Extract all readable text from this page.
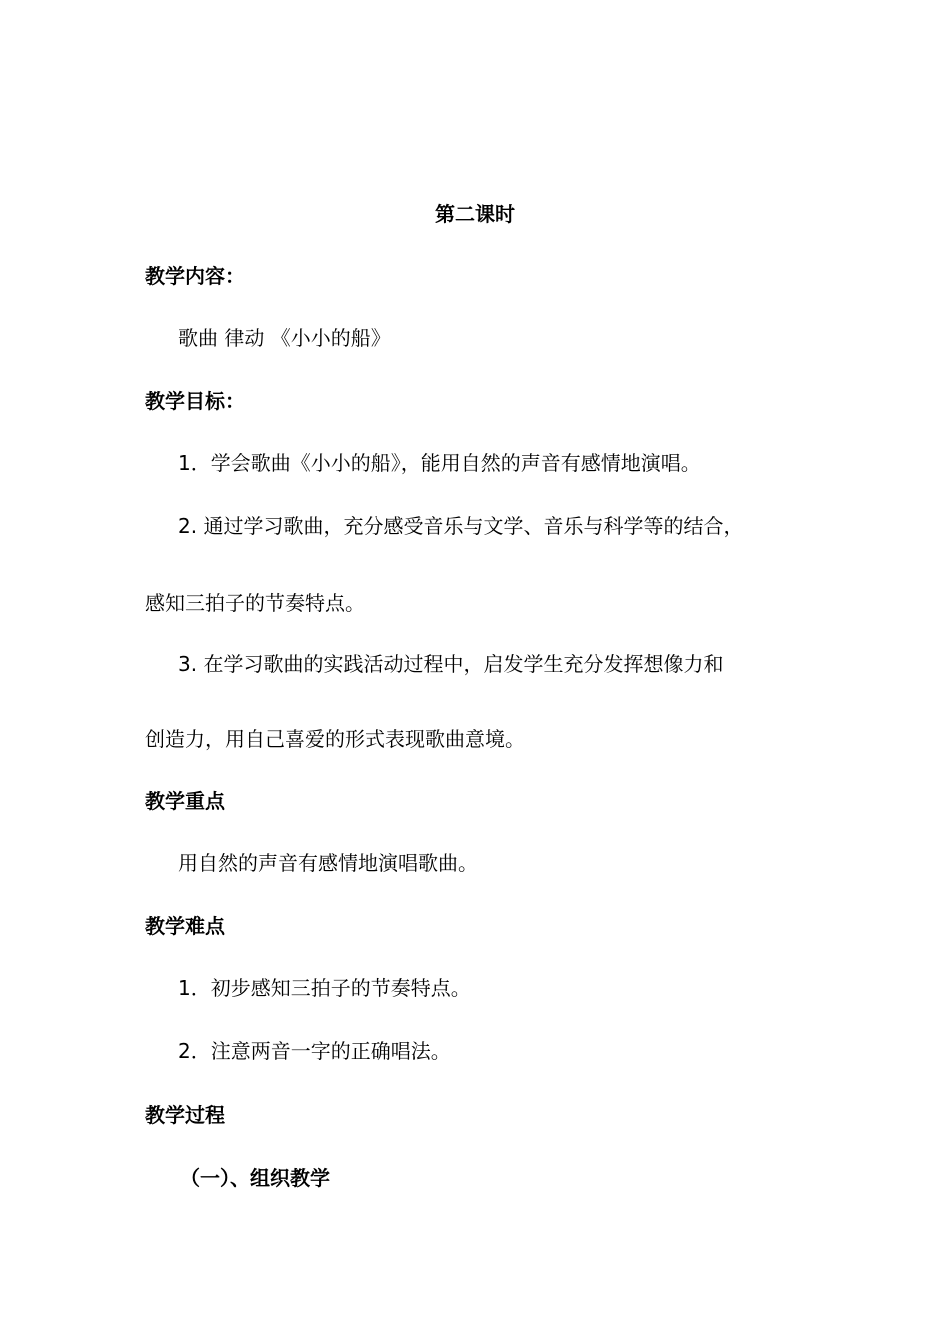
第二课时
教学内容：
歌曲 律动 《小小的船》
教学目标：
1．学会歌曲《小小的船》，能用自然的声音有感情地演唱。
2. 通过学习歌曲，充分感受音乐与文学、音乐与科学等的结合，
感知三拍子的节奏特点。
3. 在学习歌曲的实践活动过程中，启发学生充分发挥想像力和
创造力，用自己喜爱的形式表现歌曲意境。
教学重点
用自然的声音有感情地演唱歌曲。
教学难点
1．初步感知三拍子的节奏特点。
2．注意两音一字的正确唱法。
教学过程
（一）、组织教学
